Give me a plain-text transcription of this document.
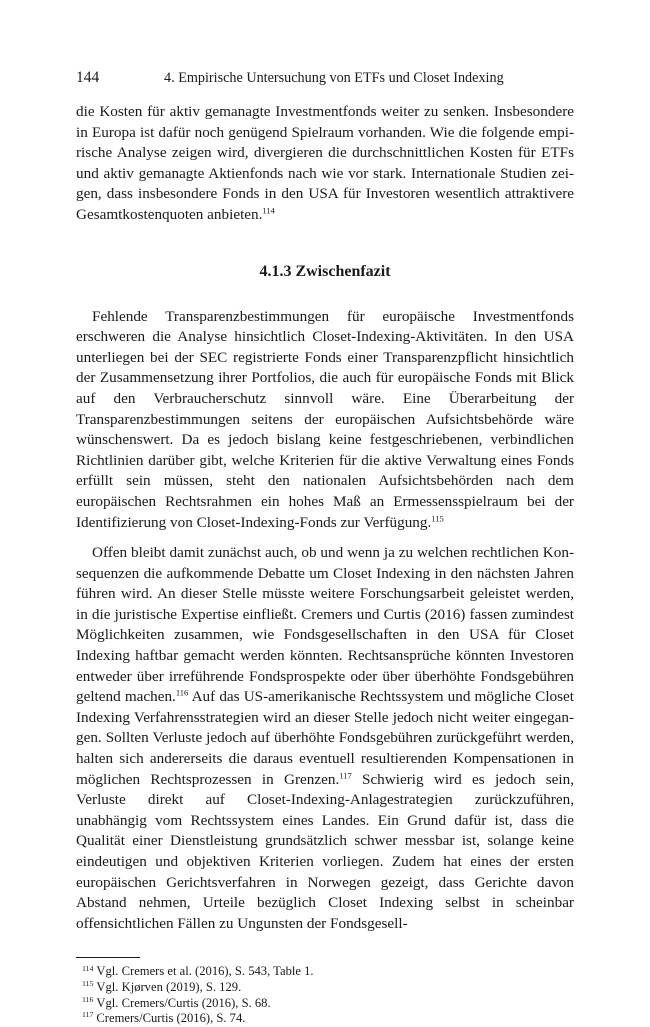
144	4. Empirische Untersuchung von ETFs und Closet Indexing

die Kosten für aktiv gemanagte Investmentfonds weiter zu senken. Insbesondere in Europa ist dafür noch genügend Spielraum vorhanden. Wie die folgende empirische Analyse zeigen wird, divergieren die durchschnittlichen Kosten für ETFs und aktiv gemanagte Aktienfonds nach wie vor stark. Internationale Studien zeigen, dass insbesondere Fonds in den USA für Investoren wesentlich attraktivere Gesamtkostenquoten anbieten.$^{114}$

4.1.3 Zwischenfazit

Fehlende Transparenzbestimmungen für europäische Investmentfonds erschweren die Analyse hinsichtlich Closet-Indexing-Aktivitäten. In den USA unterliegen bei der SEC registrierte Fonds einer Transparenzpflicht hinsichtlich der Zusammensetzung ihrer Portfolios, die auch für europäische Fonds mit Blick auf den Verbraucherschutz sinnvoll wäre. Eine Überarbeitung der Transparenzbestimmungen seitens der europäischen Aufsichtsbehörde wäre wünschenswert. Da es jedoch bislang keine festgeschriebenen, verbindlichen Richtlinien darüber gibt, welche Kriterien für die aktive Verwaltung eines Fonds erfüllt sein müssen, steht den nationalen Aufsichtsbehörden nach dem europäischen Rechtsrahmen ein hohes Maß an Ermessensspielraum bei der Identifizierung von Closet-Indexing-Fonds zur Verfügung.$^{115}$

Offen bleibt damit zunächst auch, ob und wenn ja zu welchen rechtlichen Konsequenzen die aufkommende Debatte um Closet Indexing in den nächsten Jahren führen wird. An dieser Stelle müsste weitere Forschungsarbeit geleistet werden, in die juristische Expertise einfließt. Cremers und Curtis (2016) fassen zumindest Möglichkeiten zusammen, wie Fondsgesellschaften in den USA für Closet Indexing haftbar gemacht werden könnten. Rechtsansprüche könnten Investoren entweder über irreführende Fondsprospekte oder über überhöhte Fondsgebühren geltend machen.$^{116}$ Auf das US-amerikanische Rechtssystem und mögliche Closet Indexing Verfahrensstrategien wird an dieser Stelle jedoch nicht weiter eingegangen. Sollten Verluste jedoch auf überhöhte Fondsgebühren zurückgeführt werden, halten sich andererseits die daraus eventuell resultierenden Kompensationen in möglichen Rechtsprozessen in Grenzen.$^{117}$ Schwierig wird es jedoch sein, Verluste direkt auf Closet-Indexing-Anlagestrategien zurückzuführen, unabhängig vom Rechtssystem eines Landes. Ein Grund dafür ist, dass die Qualität einer Dienstleistung grundsätzlich schwer messbar ist, solange keine eindeutigen und objektiven Kriterien vorliegen. Zudem hat eines der ersten europäischen Gerichtsverfahren in Norwegen gezeigt, dass Gerichte davon Abstand nehmen, Urteile bezüglich Closet Indexing selbst in scheinbar offensichtlichen Fällen zu Ungunsten der Fondsgesell-

$^{114}$ Vgl. Cremers et al. (2016), S. 543, Table 1.
$^{115}$ Vgl. Kjørven (2019), S. 129.
$^{116}$ Vgl. Cremers/Curtis (2016), S. 68.
$^{117}$ Cremers/Curtis (2016), S. 74.
